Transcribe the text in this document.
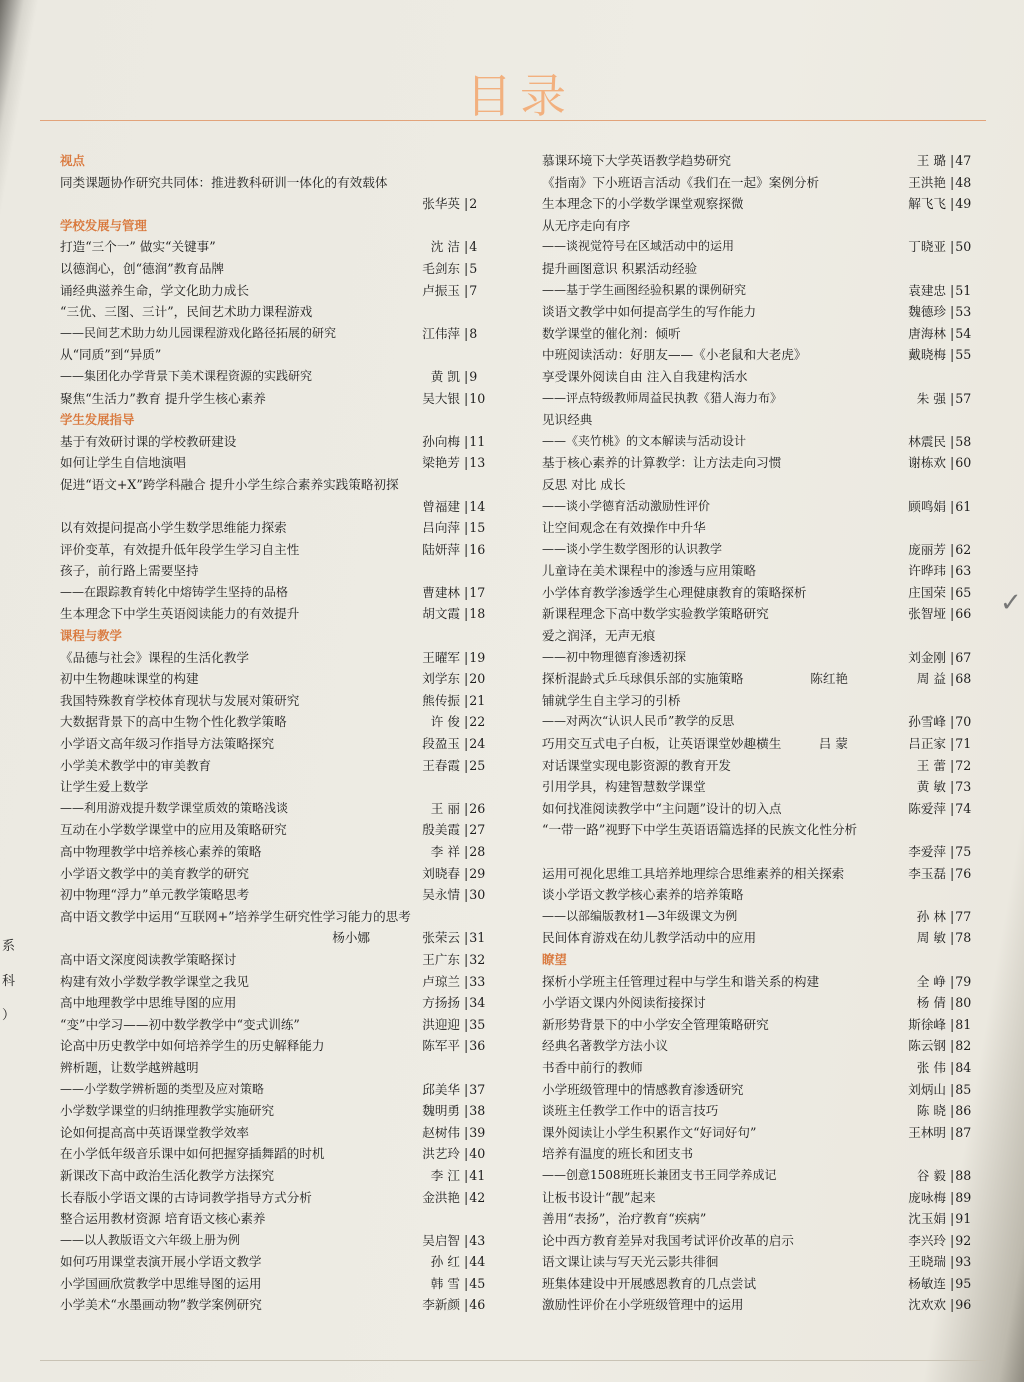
系
科
）
目录
视点
同类课题协作研究共同体：推进教科研训一体化的有效载体
张华英 | 2
学校发展与管理
打造“三个一” 做实“关键事”	沈 洁 | 4
以德润心，创“德润”教育品牌	毛剑东 | 5
诵经典滋养生命，学文化助力成长	卢振玉 | 7
“三优、三图、三计”，民间艺术助力课程游戏
——民间艺术助力幼儿园课程游戏化路径拓展的研究	江伟萍 | 8
从“同质”到“异质”
——集团化办学背景下美术课程资源的实践研究	黄 凯 | 9
聚焦“生活力”教育 提升学生核心素养	吴大银 | 10
学生发展指导
基于有效研讨课的学校教研建设	孙向梅 | 11
如何让学生自信地演唱	梁艳芳 | 13
促进“语文+X”跨学科融合 提升小学生综合素养实践策略初探
曾福建 | 14
以有效提问提高小学生数学思维能力探索	吕向萍 | 15
评价变革，有效提升低年段学生学习自主性	陆妍萍 | 16
孩子，前行路上需要坚持
——在跟踪教育转化中熔铸学生坚持的品格	曹建林 | 17
生本理念下中学生英语阅读能力的有效提升	胡文霞 | 18
课程与教学
《品德与社会》课程的生活化教学	王曜军 | 19
初中生物趣味课堂的构建	刘学东 | 20
我国特殊教育学校体育现状与发展对策研究	熊传振 | 21
大数据背景下的高中生物个性化教学策略	许 俊 | 22
小学语文高年级习作指导方法策略探究	段盈玉 | 24
小学美术教学中的审美教育	王春霞 | 25
让学生爱上数学
——利用游戏提升数学课堂质效的策略浅谈	王 丽 | 26
互动在小学数学课堂中的应用及策略研究	殷美霞 | 27
高中物理教学中培养核心素养的策略	李 祥 | 28
小学语文教学中的美育教学的研究	刘晓春 | 29
初中物理“浮力”单元教学策略思考	吴永情 | 30
高中语文教学中运用“互联网+”培养学生研究性学习能力的思考
杨小娜	张荣云 | 31
高中语文深度阅读教学策略探讨	王广东 | 32
构建有效小学数学教学课堂之我见	卢琼兰 | 33
高中地理教学中思维导图的应用	方扬扬 | 34
“变”中学习——初中数学教学中“变式训练”	洪迎迎 | 35
论高中历史教学中如何培养学生的历史解释能力	陈军平 | 36
辨析题，让数学越辨越明
——小学数学辨析题的类型及应对策略	邱美华 | 37
小学数学课堂的归纳推理教学实施研究	魏明勇 | 38
论如何提高高中英语课堂教学效率	赵树伟 | 39
在小学低年级音乐课中如何把握穿插舞蹈的时机	洪艺玲 | 40
新课改下高中政治生活化教学方法探究	李 江 | 41
长春版小学语文课的古诗词教学指导方式分析	金洪艳 | 42
整合运用教材资源 培育语文核心素养
——以人教版语文六年级上册为例	吴启智 | 43
如何巧用课堂表演开展小学语文教学	孙 红 | 44
小学国画欣赏教学中思维导图的运用	韩 雪 | 45
小学美术“水墨画动物”教学案例研究	李新颜 | 46
慕课环境下大学英语教学趋势研究	王 璐 | 47
《指南》下小班语言活动《我们在一起》案例分析	王洪艳 | 48
生本理念下的小学数学课堂观察探微	解飞飞 | 49
从无序走向有序
——谈视觉符号在区域活动中的运用	丁晓亚 | 50
提升画图意识 积累活动经验
——基于学生画图经验积累的课例研究	袁建忠 | 51
谈语文教学中如何提高学生的写作能力	魏德珍 | 53
数学课堂的催化剂：倾听	唐海林 | 54
中班阅读活动：好朋友——《小老鼠和大老虎》	戴晓梅 | 55
享受课外阅读自由 注入自我建构活水
——评点特级教师周益民执教《猎人海力布》	朱 强 | 57
见识经典
——《夹竹桃》的文本解读与活动设计	林震民 | 58
基于核心素养的计算教学：让方法走向习惯	谢栋欢 | 60
反思 对比 成长
——谈小学德育活动激励性评价	顾鸣娟 | 61
让空间观念在有效操作中升华
——谈小学生数学图形的认识教学	庞丽芳 | 62
儿童诗在美术课程中的渗透与应用策略	许晔玮 | 63
小学体育教学渗透学生心理健康教育的策略探析	庄国荣 | 65
新课程理念下高中数学实验教学策略研究	张智垭 | 66
爱之润泽，无声无痕
——初中物理德育渗透初探	刘金刚 | 67
探析混龄式乒乓球俱乐部的实施策略	陈红艳	周 益 | 68
铺就学生自主学习的引桥
——对两次“认识人民币”教学的反思	孙雪峰 | 70
巧用交互式电子白板，让英语课堂妙趣横生	吕 蒙	吕正家 | 71
对话课堂实现电影资源的教育开发	王 蕾 | 72
引用学具，构建智慧数学课堂	黄 敏 | 73
如何找准阅读教学中“主问题”设计的切入点	陈爱萍 | 74
“一带一路”视野下中学生英语语篇选择的民族文化性分析
李爱萍 | 75
运用可视化思维工具培养地理综合思维素养的相关探索	李玉磊 | 76
谈小学语文教学核心素养的培养策略
——以部编版教材1—3年级课文为例	孙 林 | 77
民间体育游戏在幼儿教学活动中的应用	周 敏 | 78
瞭望
探析小学班主任管理过程中与学生和谐关系的构建	全 峥 | 79
小学语文课内外阅读衔接探讨	杨 倩 | 80
新形势背景下的中小学安全管理策略研究	斯徐峰 | 81
经典名著教学方法小议	陈云钢 | 82
书香中前行的教师	张 伟 | 84
小学班级管理中的情感教育渗透研究	刘炳山 | 85
谈班主任教学工作中的语言技巧	陈 晓 | 86
课外阅读让小学生积累作文“好词好句”	王林明 | 87
培养有温度的班长和团支书
——创意1508班班长兼团支书王同学养成记	谷 毅 | 88
让板书设计“靓”起来	庞咏梅 | 89
善用“表扬”，治疗教育“疾病”	沈玉娟 | 91
论中西方教育差异对我国考试评价改革的启示	李兴玲 | 92
语文课让读与写天光云影共徘徊	王晓瑞 | 93
班集体建设中开展感恩教育的几点尝试	杨敏连 | 95
激励性评价在小学班级管理中的运用	沈欢欢 | 96
✓
